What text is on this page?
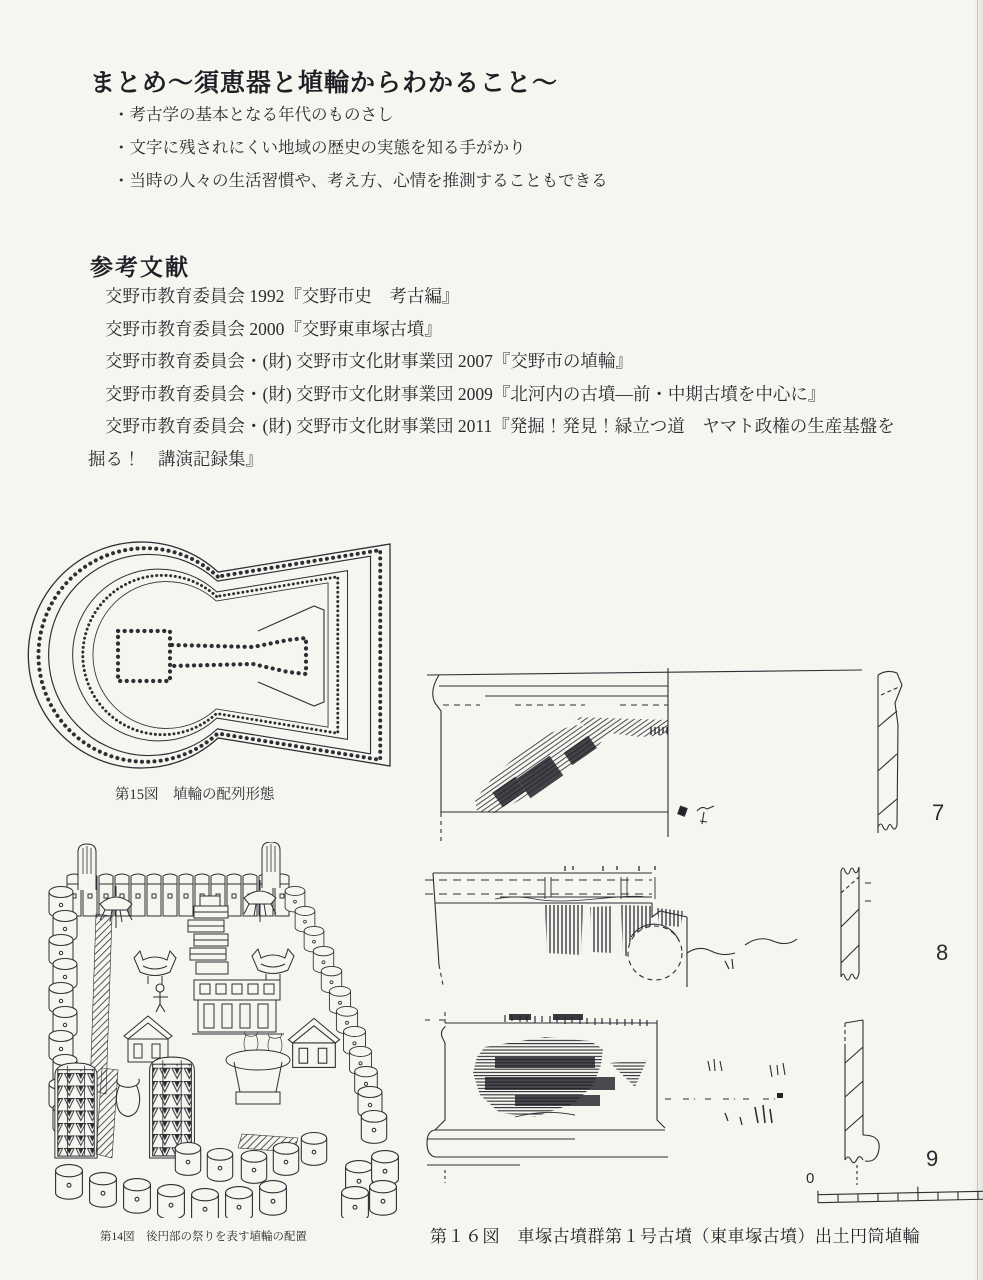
まとめ～須恵器と埴輪からわかること～
・考古学の基本となる年代のものさし
・文字に残されにくい地域の歴史の実態を知る手がかり
・当時の人々の生活習慣や、考え方、心情を推測することもできる
参考文献
交野市教育委員会 1992『交野市史　考古編』
交野市教育委員会 2000『交野東車塚古墳』
交野市教育委員会・(財) 交野市文化財事業団 2007『交野市の埴輪』
交野市教育委員会・(財) 交野市文化財事業団 2009『北河内の古墳―前・中期古墳を中心に』
交野市教育委員会・(財) 交野市文化財事業団 2011『発掘！発見！緑立つ道　ヤマト政権の生産基盤を掘る！　講演記録集』
第15図　埴輪の配列形態
第14図　後円部の祭りを表す埴輪の配置
7
8
9
0
第１６図　車塚古墳群第１号古墳（東車塚古墳）出土円筒埴輪
